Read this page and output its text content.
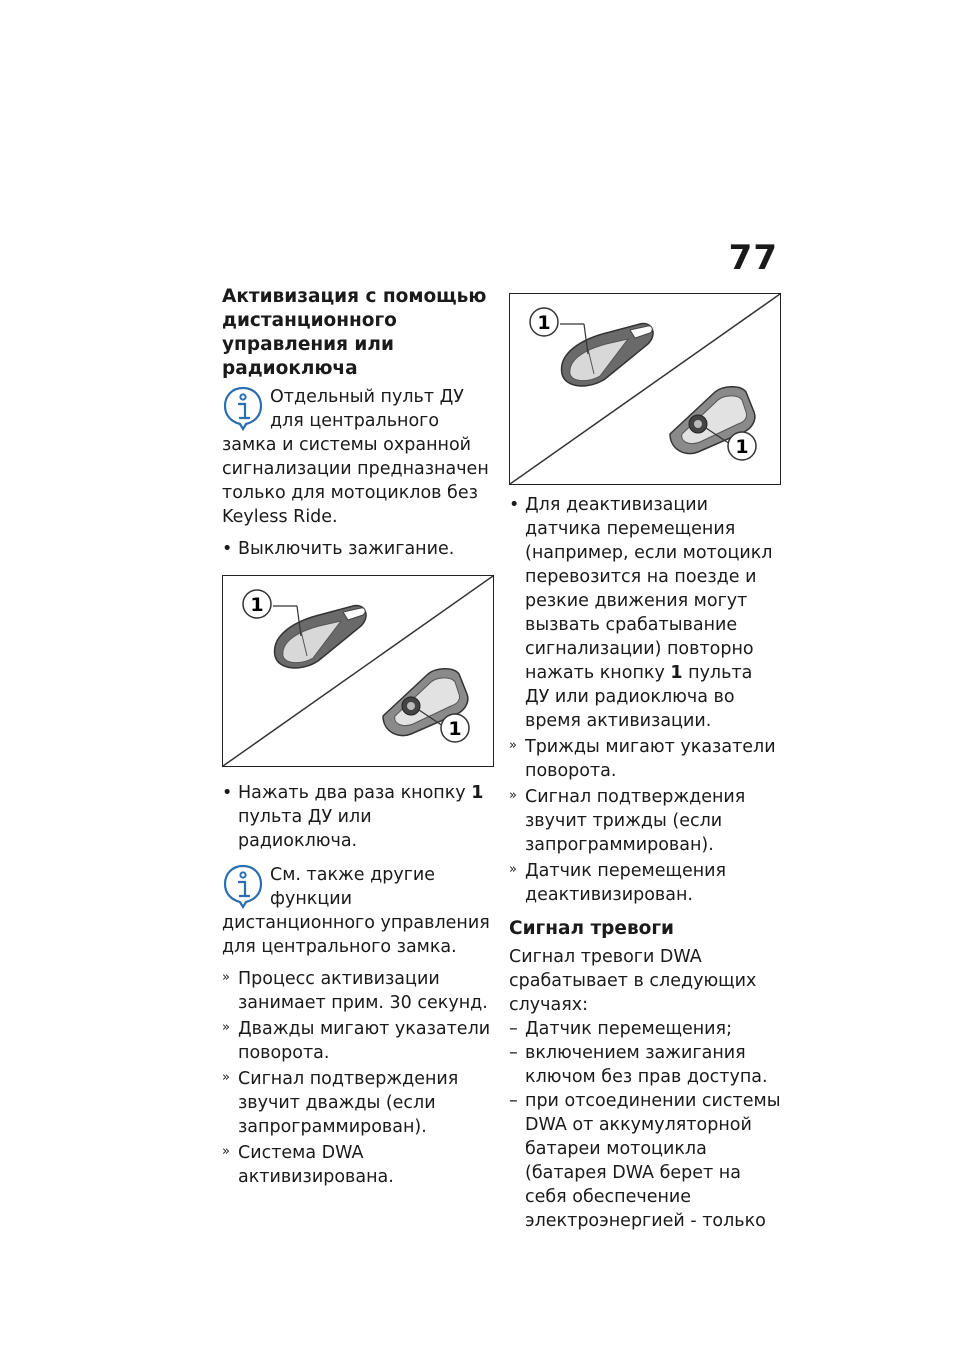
77
Активизация с помощью дистанционного управления или радиоключа
Отдельный пульт ДУ для центрального замка и системы охранной сигнализации предназначен только для мотоциклов без Keyless Ride.
• Выключить зажигание.
1
1
• Нажать два раза кнопку 1 пульта ДУ или радиоключа.
См. также другие функции дистанционного управления для центрального замка.
» Процесс активизации занимает прим. 30 секунд.
» Дважды мигают указатели поворота.
» Сигнал подтверждения звучит дважды (если запрограммирован).
» Система DWA активизирована.
1
1
• Для деактивизации датчика перемещения (например, если мотоцикл перевозится на поезде и резкие движения могут вызвать срабатывание сигнализации) повторно нажать кнопку 1 пульта ДУ или радиоключа во время активизации.
» Трижды мигают указатели поворота.
» Сигнал подтверждения звучит трижды (если запрограммирован).
» Датчик перемещения деактивизирован.
Сигнал тревоги
Сигнал тревоги DWA срабатывает в следующих случаях:
– Датчик перемещения;
– включением зажигания ключом без прав доступа.
– при отсоединении системы DWA от аккумуляторной батареи мотоцикла (батарея DWA берет на себя обеспечение электроэнергией - только
